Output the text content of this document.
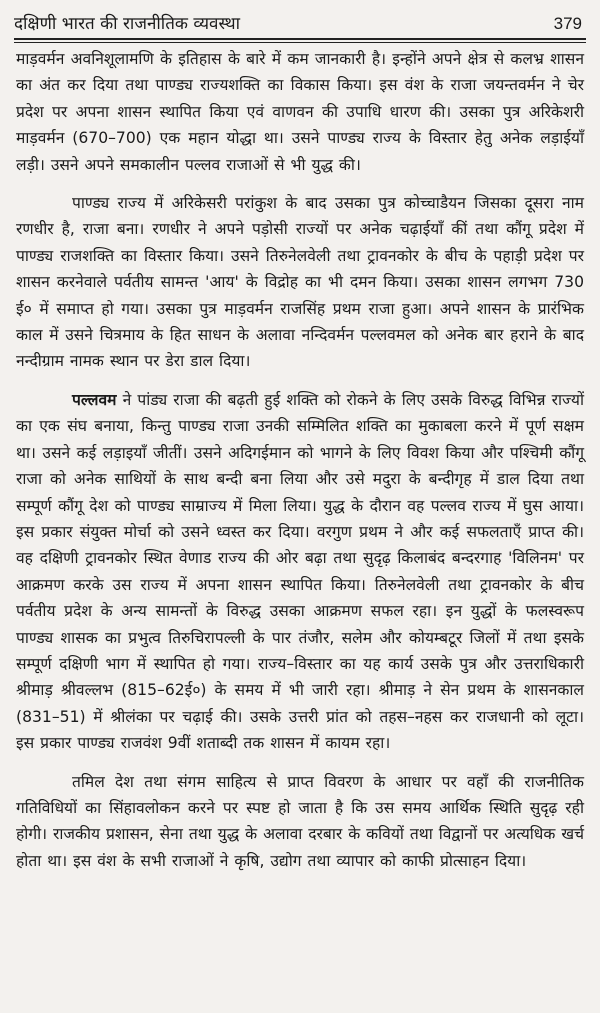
दक्षिणी भारत की राजनीतिक व्यवस्था	379

माड़वर्मन अवनिशूलामणि के इतिहास के बारे में कम जानकारी है। इन्होंने अपने क्षेत्र से कलभ्र शासन का अंत कर दिया तथा पाण्ड्य राज्यशक्ति का विकास किया। इस वंश के राजा जयन्तवर्मन ने चेर प्रदेश पर अपना शासन स्थापित किया एवं वाणवन की उपाधि धारण की। उसका पुत्र अरिकेशरी माड़वर्मन (670–700) एक महान योद्धा था। उसने पाण्ड्य राज्य के विस्तार हेतु अनेक लड़ाईयाँ लड़ी। उसने अपने समकालीन पल्लव राजाओं से भी युद्ध की।

पाण्ड्य राज्य में अरिकेसरी परांकुश के बाद उसका पुत्र कोच्चाडैयन जिसका दूसरा नाम रणधीर है, राजा बना। रणधीर ने अपने पड़ोसी राज्यों पर अनेक चढ़ाईयाँ कीं तथा कौंगू प्रदेश में पाण्ड्य राजशक्ति का विस्तार किया। उसने तिरुनेलवेली तथा ट्रावनकोर के बीच के पहाड़ी प्रदेश पर शासन करनेवाले पर्वतीय सामन्त 'आय' के विद्रोह का भी दमन किया। उसका शासन लगभग 730 ई० में समाप्त हो गया। उसका पुत्र माड़वर्मन राजसिंह प्रथम राजा हुआ। अपने शासन के प्रारंभिक काल में उसने चित्रमाय के हित साधन के अलावा नन्दिवर्मन पल्लवमल को अनेक बार हराने के बाद नन्दीग्राम नामक स्थान पर डेरा डाल दिया।

पल्लवम ने पांड्य राजा की बढ़ती हुई शक्ति को रोकने के लिए उसके विरुद्ध विभिन्न राज्यों का एक संघ बनाया, किन्तु पाण्ड्य राजा उनकी सम्मिलित शक्ति का मुकाबला करने में पूर्ण सक्षम था। उसने कई लड़ाइयाँ जीतीं। उसने अदिगईमान को भागने के लिए विवश किया और पश्चिमी कौंगू राजा को अनेक साथियों के साथ बन्दी बना लिया और उसे मदुरा के बन्दीगृह में डाल दिया तथा सम्पूर्ण कौंगू देश को पाण्ड्य साम्राज्य में मिला लिया। युद्ध के दौरान वह पल्लव राज्य में घुस आया। इस प्रकार संयुक्त मोर्चा को उसने ध्वस्त कर दिया। वरगुण प्रथम ने और कई सफलताएँ प्राप्त की। वह दक्षिणी ट्रावनकोर स्थित वेणाड राज्य की ओर बढ़ा तथा सुदृढ़ किलाबंद बन्दरगाह 'विलिनम' पर आक्रमण करके उस राज्य में अपना शासन स्थापित किया। तिरुनेलवेली तथा ट्रावनकोर के बीच पर्वतीय प्रदेश के अन्य सामन्तों के विरुद्ध उसका आक्रमण सफल रहा। इन युद्धों के फलस्वरूप पाण्ड्य शासक का प्रभुत्व तिरुचिरापल्ली के पार तंजौर, सलेम और कोयम्बटूर जिलों में तथा इसके सम्पूर्ण दक्षिणी भाग में स्थापित हो गया। राज्य–विस्तार का यह कार्य उसके पुत्र और उत्तराधिकारी श्रीमाड़ श्रीवल्लभ (815–62ई०) के समय में भी जारी रहा। श्रीमाड़ ने सेन प्रथम के शासनकाल (831–51) में श्रीलंका पर चढ़ाई की। उसके उत्तरी प्रांत को तहस–नहस कर राजधानी को लूटा। इस प्रकार पाण्ड्य राजवंश 9वीं शताब्दी तक शासन में कायम रहा।

तमिल देश तथा संगम साहित्य से प्राप्त विवरण के आधार पर वहाँ की राजनीतिक गतिविधियों का सिंहावलोकन करने पर स्पष्ट हो जाता है कि उस समय आर्थिक स्थिति सुदृढ़ रही होगी। राजकीय प्रशासन, सेना तथा युद्ध के अलावा दरबार के कवियों तथा विद्वानों पर अत्यधिक खर्च होता था। इस वंश के सभी राजाओं ने कृषि, उद्योग तथा व्यापार को काफी प्रोत्साहन दिया।
